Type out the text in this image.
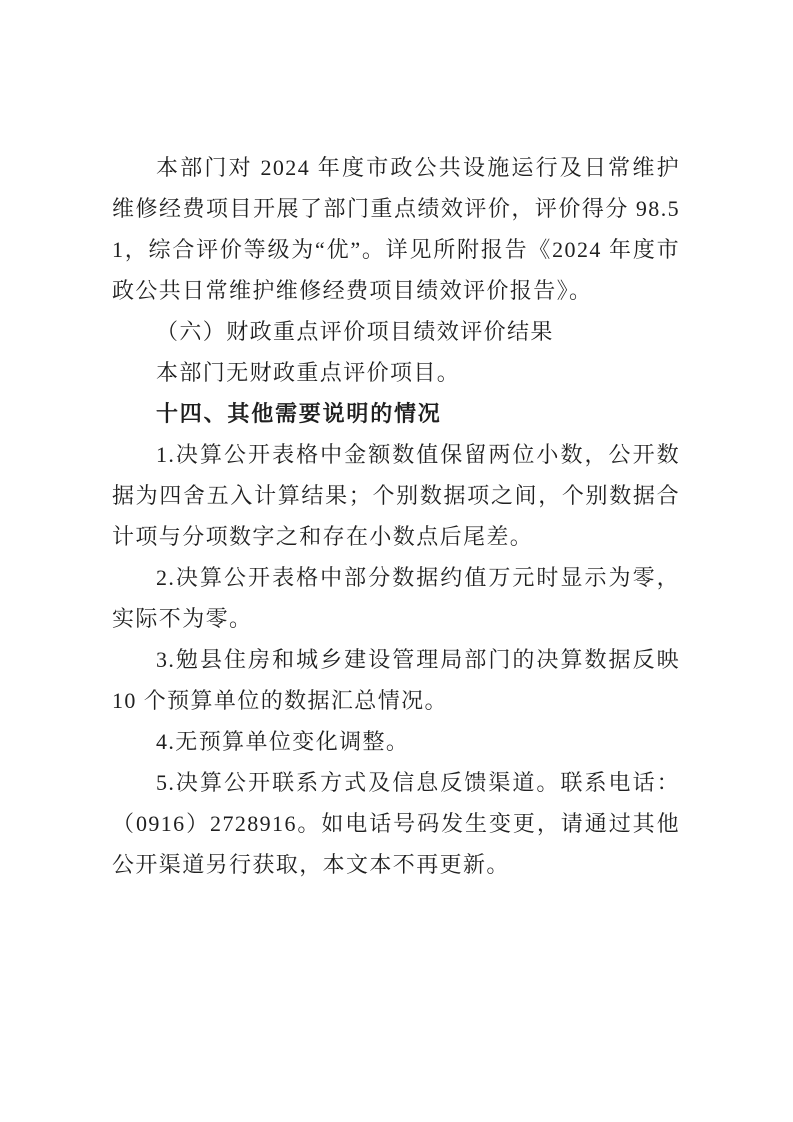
本部门对 2024 年度市政公共设施运行及日常维护维修经费项目开展了部门重点绩效评价，评价得分 98.51，综合评价等级为“优”。详见所附报告《2024 年度市政公共日常维护维修经费项目绩效评价报告》。

（六）财政重点评价项目绩效评价结果

本部门无财政重点评价项目。

十四、其他需要说明的情况

1.决算公开表格中金额数值保留两位小数，公开数据为四舍五入计算结果；个别数据项之间，个别数据合计项与分项数字之和存在小数点后尾差。

2.决算公开表格中部分数据约值万元时显示为零，实际不为零。

3.勉县住房和城乡建设管理局部门的决算数据反映 10 个预算单位的数据汇总情况。

4.无预算单位变化调整。

5.决算公开联系方式及信息反馈渠道。联系电话：（0916）2728916。如电话号码发生变更，请通过其他公开渠道另行获取，本文本不再更新。
